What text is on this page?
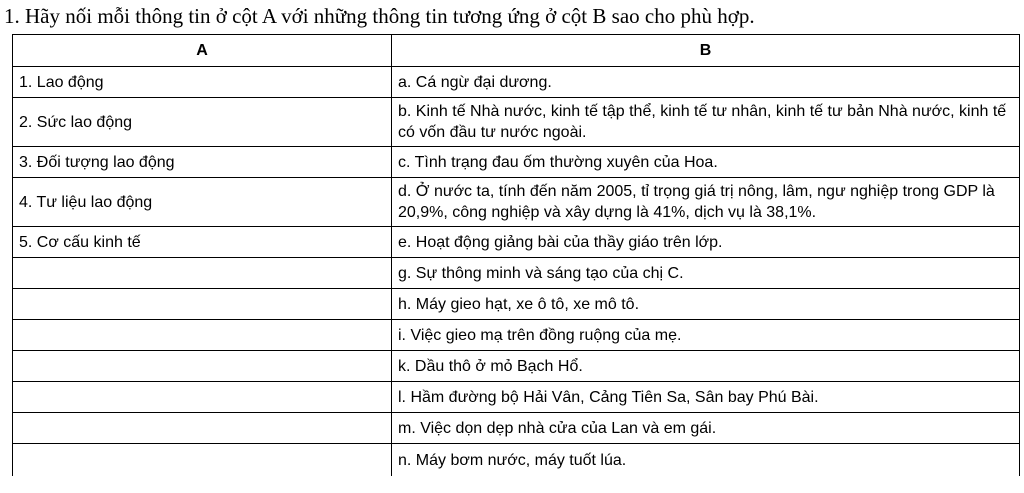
1. Hãy nối mỗi thông tin ở cột A với những thông tin tương ứng ở cột B sao cho phù hợp.
A	B
1. Lao động	a. Cá ngừ đại dương.
2. Sức lao động	b. Kinh tế Nhà nước, kinh tế tập thể, kinh tế tư nhân, kinh tế tư bản Nhà nước, kinh tế có vốn đầu tư nước ngoài.
3. Đối tượng lao động	c. Tình trạng đau ốm thường xuyên của Hoa.
4. Tư liệu lao động	d. Ở nước ta, tính đến năm 2005, tỉ trọng giá trị nông, lâm, ngư nghiệp trong GDP là 20,9%, công nghiệp và xây dựng là 41%, dịch vụ là 38,1%.
5. Cơ cấu kinh tế	e. Hoạt động giảng bài của thầy giáo trên lớp.
	g. Sự thông minh và sáng tạo của chị C.
	h. Máy gieo hạt, xe ô tô, xe mô tô.
	i. Việc gieo mạ trên đồng ruộng của mẹ.
	k. Dầu thô ở mỏ Bạch Hổ.
	l. Hầm đường bộ Hải Vân, Cảng Tiên Sa, Sân bay Phú Bài.
	m. Việc dọn dẹp nhà cửa của Lan và em gái.
	n. Máy bơm nước, máy tuốt lúa.
